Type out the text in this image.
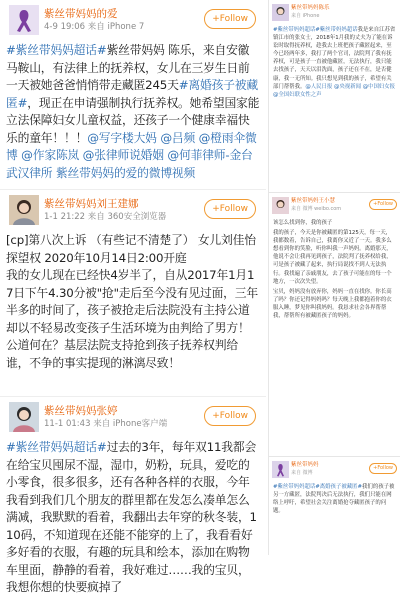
紫丝带妈妈的爱
4-9 19:06 来自 iPhone 7
+Follow
#紫丝带妈妈超话#紫丝带妈妈 陈乐，来自安徽马鞍山，有法律上的抚养权，女儿在三岁生日前一天被她爸爸悄悄带走藏匿245天#离婚孩子被藏匿#，现正在申请强制执行抚养权。她希望国家能立法保障妇女儿童权益，还孩子一个健康幸福快乐的童年！！！@写字楼大妈 @吕频 @橙雨伞微博 @作家陈岚 @张律师说婚姻 @何菲律师-金台武汉律所 紫丝带妈妈的爱的微博视频
紫丝带妈妈刘王建娜
1-1 21:22 来自 360安全浏览器
+Follow
[cp]第八次上诉 （有些记不清楚了） 女儿刘佳怡探望权 2020年10月14日2:00开庭
我的女儿现在已经快4岁半了，自从2017年1月17日下午4.30分被"抢"走后至今没有见过面，三年半多的时间了，孩子被抢走后法院没有主持公道却以不轻易改变孩子生活环境为由判给了男方！公道何在？基层法院支持抢到孩子抚养权判给谁，不争的事实提现的淋漓尽致！
紫丝带妈妈张婷
11-1 01:43 来自 iPhone客户端
+Follow
#紫丝带妈妈超话#过去的3年，每年双11我都会在给宝贝囤尿不湿，湿巾，奶粉，玩具，爱吃的小零食，很多很多，还有各种各样的衣服，今年我看到我们几个朋友的群里都在发怎么凑单怎么满减，我默默的看着，我翻出去年穿的秋冬装，110码，不知道现在还能不能穿的上了，我看看好多好看的衣服，有趣的玩具和绘本，添加在购物车里面，静静的看着，我好难过……我的宝贝，我想你想的快要疯掉了
紫丝带妈妈陈乐
来自 iPhone
#紫丝带妈妈超话#紫丝带妈妈超话我是来自江苏省镇江市的张女士，2018年1月我的丈夫为了能在诉讼时取得抚养权，趁我去上班把孩子藏匿起来，至今已经两年多，我打了两个官司，法院判了我有抚养权，可是孩子一直被他藏匿，无法执行，我只能去找孩子，天天以泪洗面，孩子还在不在，是否健康，我一无所知。我只想见到我的孩子，希望有关部门帮帮我。@人民日报 @央视新闻 @中国妇女报 @全国妇联女性之声
紫丝带妈妈王小慧
来自 微博 weibo.com
+Follow
该怎么找到你，我的孩子
我的孩子，今天是你被藏匿的第125天，每一天，我都数着，告诉自己，我离你又近了一天。我多么想看到你的笑脸，听你叫我一声妈妈。离婚那天，他说不会让我再见到孩子，法院判了抚养权给我，可是孩子被藏了起来，执行局说找不到人无法执行。我找遍了亲戚朋友，去了孩子可能在的每一个地方，一次次失望。
宝贝，妈妈没有放弃你，妈妈一直在找你。你长高了吗？你还记得妈妈吗？每天晚上我都抱着你的衣服入睡，梦见你叫我妈妈。我恳求社会各界帮帮我，帮帮所有被藏匿孩子的妈妈。
紫丝带妈妈
来自 微博
+Follow
#紫丝带妈妈超话#离婚孩子被藏匿#我们的孩子被另一方藏匿，法院判决后无法执行，我们只能在网络上呼吁，希望社会关注离婚抢夺藏匿孩子的问题。
